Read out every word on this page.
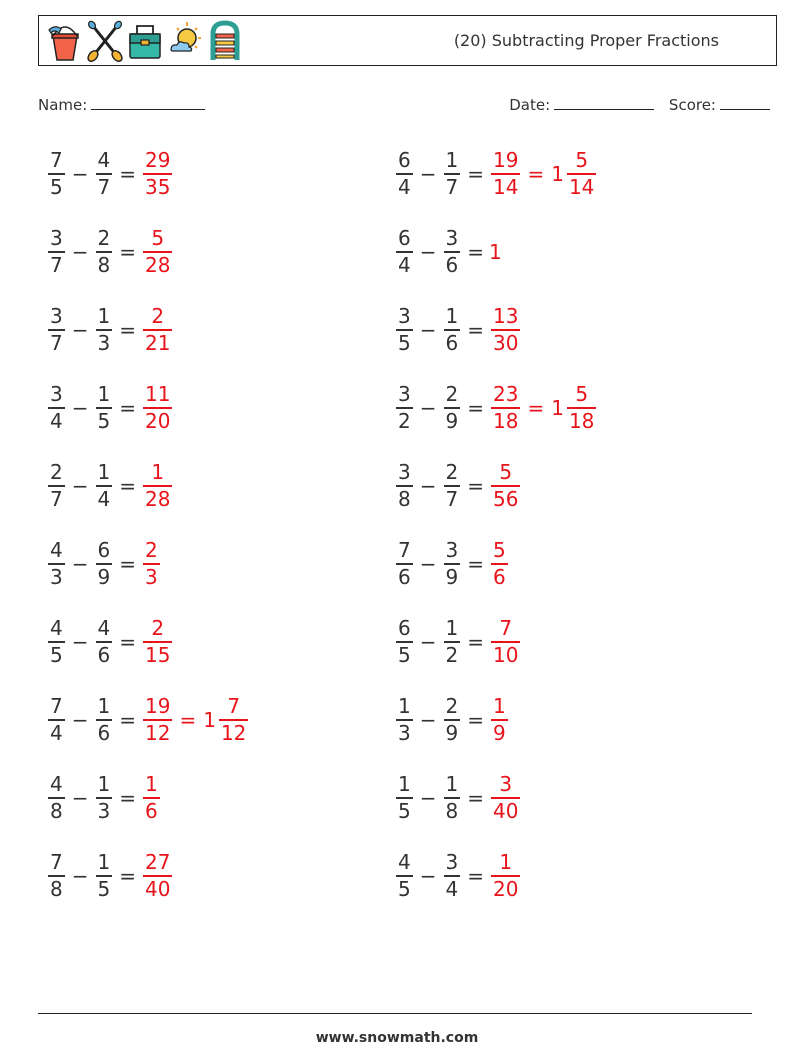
(20) Subtracting Proper Fractions
Name:	Date:	Score:
$\frac{7}{5} - \frac{4}{7} = \frac{29}{35}$	$\frac{6}{4} - \frac{1}{7} = \frac{19}{14} = 1 \frac{5}{14}$
$\frac{3}{7} - \frac{2}{8} = \frac{5}{28}$	$\frac{6}{4} - \frac{3}{6} = 1$
$\frac{3}{7} - \frac{1}{3} = \frac{2}{21}$	$\frac{3}{5} - \frac{1}{6} = \frac{13}{30}$
$\frac{3}{4} - \frac{1}{5} = \frac{11}{20}$	$\frac{3}{2} - \frac{2}{9} = \frac{23}{18} = 1 \frac{5}{18}$
$\frac{2}{7} - \frac{1}{4} = \frac{1}{28}$	$\frac{3}{8} - \frac{2}{7} = \frac{5}{56}$
$\frac{4}{3} - \frac{6}{9} = \frac{2}{3}$	$\frac{7}{6} - \frac{3}{9} = \frac{5}{6}$
$\frac{4}{5} - \frac{4}{6} = \frac{2}{15}$	$\frac{6}{5} - \frac{1}{2} = \frac{7}{10}$
$\frac{7}{4} - \frac{1}{6} = \frac{19}{12} = 1 \frac{7}{12}$	$\frac{1}{3} - \frac{2}{9} = \frac{1}{9}$
$\frac{4}{8} - \frac{1}{3} = \frac{1}{6}$	$\frac{1}{5} - \frac{1}{8} = \frac{3}{40}$
$\frac{7}{8} - \frac{1}{5} = \frac{27}{40}$	$\frac{4}{5} - \frac{3}{4} = \frac{1}{20}$
www.snowmath.com
